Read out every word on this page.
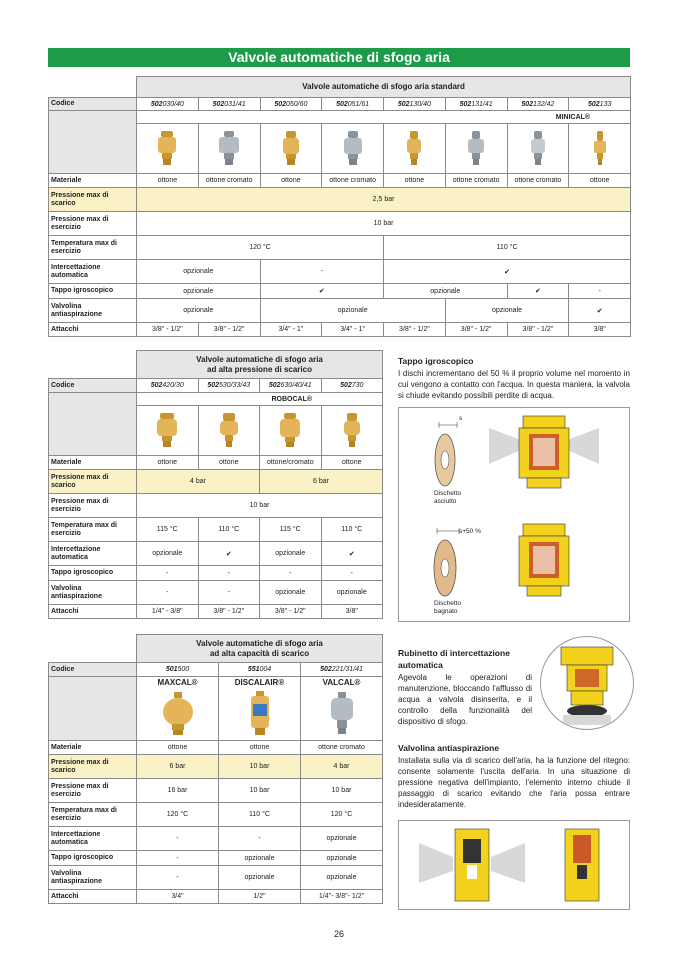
Valvole automatiche di sfogo aria
	Valvole automatiche di sfogo aria standard							
Codice	502030/40	502031/41	502050/60	502051/61	502130/40	502131/41	502132/42	502133
	MINICAL®							

Materiale	ottone	ottone cromato	ottone	ottone cromato	ottone	ottone cromato	ottone cromato	ottone
Pressione max di scarico	2,5 bar							
Pressione max di esercizio	10 bar							
Temperatura max di esercizio	120 °C				110 °C			
Intercettazione automatica	opzionale		-		✔			
Tappo igroscopico	opzionale		✔		opzionale		✔	-
Valvolina antiaspirazione	opzionale		opzionale			opzionale		✔
Attacchi	3/8" - 1/2"	3/8" - 1/2"	3/4" - 1"	3/4" - 1"	3/8" - 1/2"	3/8" - 1/2"	3/8" - 1/2"	3/8"
	Valvole automatiche di sfogo aria
ad alta pressione di scarico			
Codice	502420/30	502530/33/43	502630/40/41	502730
	ROBOCAL®			

Materiale	ottone	ottone	ottone/cromato	ottone
Pressione max di scarico	4 bar		6 bar	
Pressione max di esercizio	10 bar			
Temperatura max di esercizio	115 °C	110 °C	115 °C	110 °C
Intercettazione automatica	opzionale	✔	opzionale	✔
Tappo igroscopico	-	-	-	-
Valvolina antiaspirazione	-	-	opzionale	opzionale
Attacchi	1/4" - 3/8"	3/8" - 1/2"	3/8" - 1/2"	3/8"
	Valvole automatiche di sfogo aria
ad alta capacità di scarico		
Codice	501500	551004	502221/31/41
	MAXCAL®	DISCALAIR®	VALCAL®

Materiale	ottone	ottone	ottone cromato
Pressione max di scarico	6 bar	10 bar	4 bar
Pressione max di esercizio	16 bar	10 bar	10 bar
Temperatura max di esercizio	120 °C	110 °C	120 °C
Intercettazione automatica	-	-	opzionale
Tappo igroscopico	-	opzionale	opzionale
Valvolina antiaspirazione	-	opzionale	opzionale
Attacchi	3/4"	1/2"	1/4"- 3/8"- 1/2"
Tappo igroscopico
I dischi incrementano del 50 % il proprio volume nel momento in cui vengono a contatto con l'acqua. In questa maniera, la valvola si chiude evitando possibili perdite di acqua.
s
s+50 %
Dischetto asciutto
Dischetto bagnato
Rubinetto di intercettazione automatica
Agevola le operazioni di manutenzione, bloccando l'afflusso di acqua a valvola disinserita, e il controllo della funzionalità del dispositivo di sfogo.
Valvolina antiaspirazione
Installata sulla via di scarico dell'aria, ha la funzione del ritegno: consente solamente l'uscita dell'aria. In una situazione di pressione negativa dell'impianto, l'elemento interno chiude il passaggio di scarico evitando che l'aria possa entrare indesideratamente.
26
